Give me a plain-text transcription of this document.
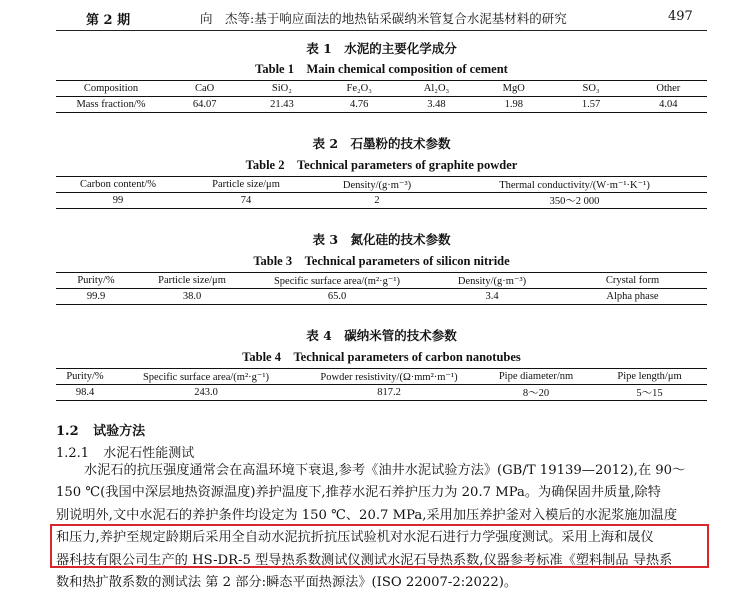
第 2 期	向　杰等:基于响应面法的地热钻采碳纳米管复合水泥基材料的研究	497
表 1　水泥的主要化学成分
Table 1　Main chemical composition of cement
Composition	CaO	SiO₂	Fe₂O₃	Al₂O₃	MgO	SO₃	Other
Mass fraction/%	64.07	21.43	4.76	3.48	1.98	1.57	4.04
表 2　石墨粉的技术参数
Table 2　Technical parameters of graphite powder
Carbon content/%	Particle size/μm	Density/(g·m⁻³)	Thermal conductivity/(W·m⁻¹·K⁻¹)
99	74	2	350～2 000
表 3　氮化硅的技术参数
Table 3　Technical parameters of silicon nitride
Purity/%	Particle size/μm	Specific surface area/(m²·g⁻¹)	Density/(g·m⁻³)	Crystal form
99.9	38.0	65.0	3.4	Alpha phase
表 4　碳纳米管的技术参数
Table 4　Technical parameters of carbon nanotubes
Purity/%	Specific surface area/(m²·g⁻¹)	Powder resistivity/(Ω·mm²·m⁻¹)	Pipe diameter/nm	Pipe length/μm
98.4	243.0	817.2	8～20	5～15
1.2 试验方法
1.2.1 水泥石性能测试
水泥石的抗压强度通常会在高温环境下衰退,参考《油井水泥试验方法》(GB/T 19139—2012),在 90～
150 ℃(我国中深层地热资源温度)养护温度下,推荐水泥石养护压力为 20.7 MPa。为确保固井质量,除特
别说明外,文中水泥石的养护条件均设定为 150 ℃、20.7 MPa,采用加压养护釜对入模后的水泥浆施加温度
和压力,养护至规定龄期后采用全自动水泥抗折抗压试验机对水泥石进行力学强度测试。采用上海和晟仪
器科技有限公司生产的 HS-DR-5 型导热系数测试仪测试水泥石导热系数,仪器参考标准《塑料制品 导热系
数和热扩散系数的测试法 第 2 部分:瞬态平面热源法》(ISO 22007-2:2022)。
